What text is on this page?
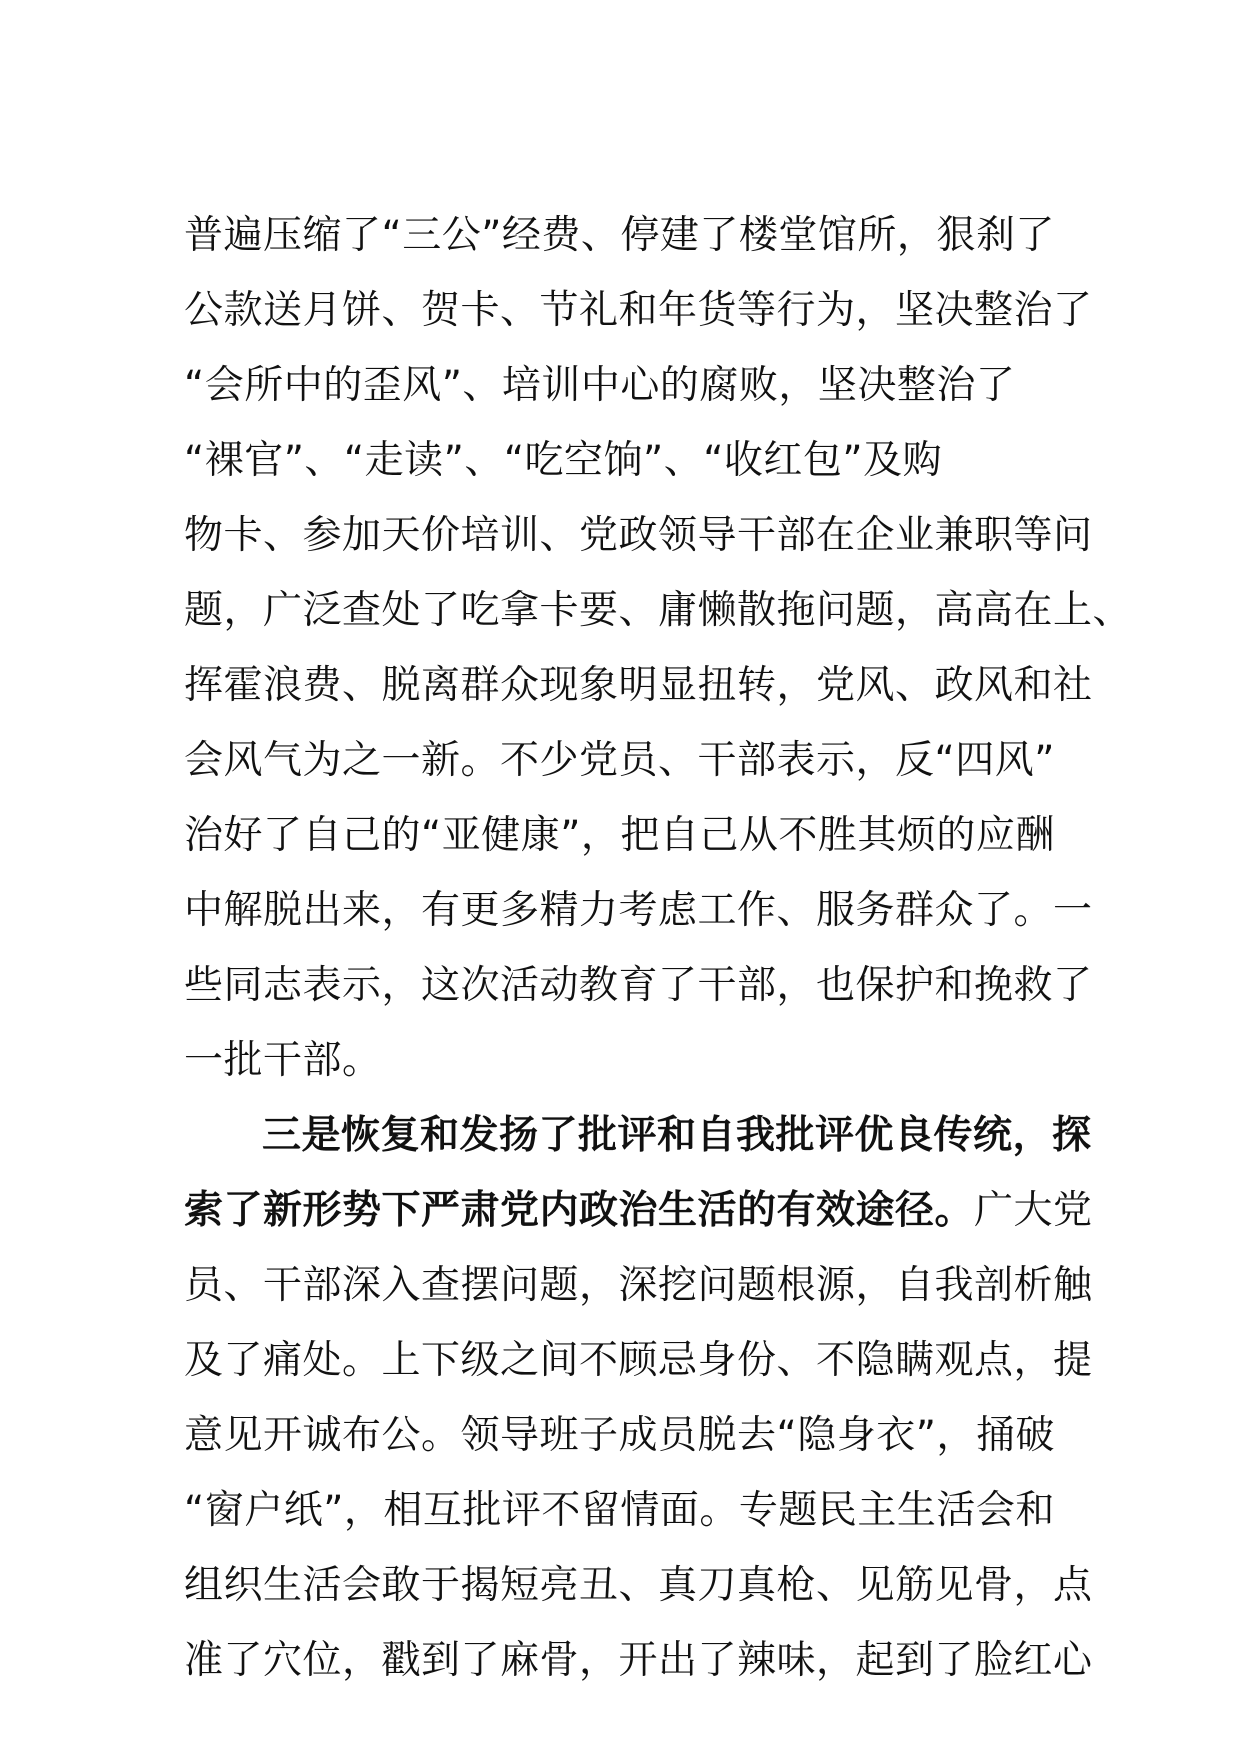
普遍压缩了“三公”经费、停建了楼堂馆所，狠刹了
公款送月饼、贺卡、节礼和年货等行为，坚决整治了
“会所中的歪风”、培训中心的腐败，坚决整治了
“裸官”、“走读”、“吃空饷”、“收红包”及购
物卡、参加天价培训、党政领导干部在企业兼职等问
题，广泛查处了吃拿卡要、庸懒散拖问题，高高在上、
挥霍浪费、脱离群众现象明显扭转，党风、政风和社
会风气为之一新。不少党员、干部表示，反“四风”
治好了自己的“亚健康”，把自己从不胜其烦的应酬
中解脱出来，有更多精力考虑工作、服务群众了。一
些同志表示，这次活动教育了干部，也保护和挽救了
一批干部。
三是恢复和发扬了批评和自我批评优良传统，探
索了新形势下严肃党内政治生活的有效途径。广大党
员、干部深入查摆问题，深挖问题根源，自我剖析触
及了痛处。上下级之间不顾忌身份、不隐瞒观点，提
意见开诚布公。领导班子成员脱去“隐身衣”，捅破
“窗户纸”，相互批评不留情面。专题民主生活会和
组织生活会敢于揭短亮丑、真刀真枪、见筋见骨，点
准了穴位，戳到了麻骨，开出了辣味，起到了脸红心
